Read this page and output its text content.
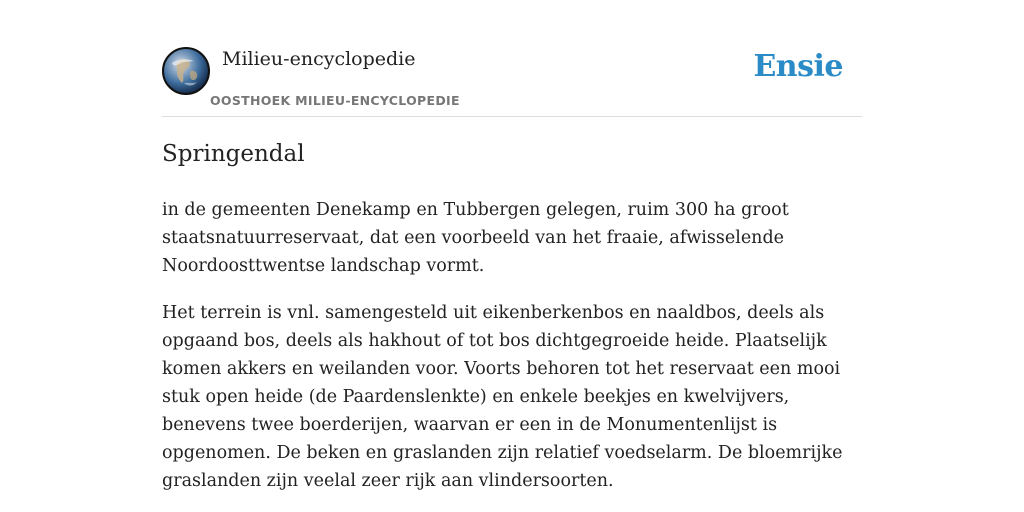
Milieu-encyclopedie
OOSTHOEK MILIEU-ENCYCLOPEDIE
Ensie
Springendal

in de gemeenten Denekamp en Tubbergen gelegen, ruim 300 ha groot staatsnatuurreservaat, dat een voorbeeld van het fraaie, afwisselende Noordoosttwentse landschap vormt.

Het terrein is vnl. samengesteld uit eikenberkenbos en naaldbos, deels als opgaand bos, deels als hakhout of tot bos dichtgegroeide heide. Plaatselijk komen akkers en weilanden voor. Voorts behoren tot het reservaat een mooi stuk open heide (de Paardenslenkte) en enkele beekjes en kwelvijvers, benevens twee boerderijen, waarvan er een in de Monumentenlijst is opgenomen. De beken en graslanden zijn relatief voedselarm. De bloemrijke graslanden zijn veelal zeer rijk aan vlindersoorten.
